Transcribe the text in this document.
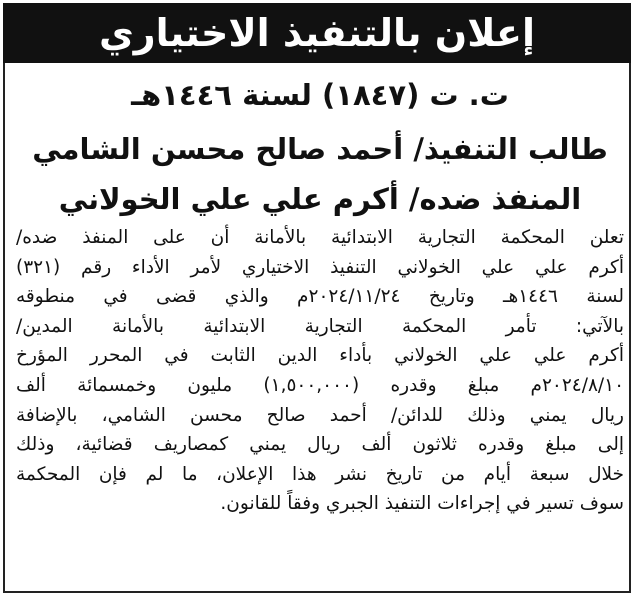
إعلان بالتنفيذ الاختياري
ت. ت (١٨٤٧) لسنة ١٤٤٦هـ
طالب التنفيذ/ أحمد صالح محسن الشامي
المنفذ ضده/ أكرم علي علي الخولاني
تعلن المحكمة التجارية الابتدائية بالأمانة أن على المنفذ ضده/
أكرم علي علي الخولاني التنفيذ الاختياري لأمر الأداء رقم (٣٢١)
لسنة ١٤٤٦هـ وتاريخ ٢٠٢٤/١١/٢٤م والذي قضى في منطوقه
بالآتي: تأمر المحكمة التجارية الابتدائية بالأمانة المدين/
أكرم علي علي الخولاني بأداء الدين الثابت في المحرر المؤرخ
٢٠٢٤/٨/١٠م مبلغ وقدره (١,٥٠٠,٠٠٠) مليون وخمسمائة ألف
ريال يمني وذلك للدائن/ أحمد صالح محسن الشامي، بالإضافة
إلى مبلغ وقدره ثلاثون ألف ريال يمني كمصاريف قضائية، وذلك
خلال سبعة أيام من تاريخ نشر هذا الإعلان، ما لم فإن المحكمة
سوف تسير في إجراءات التنفيذ الجبري وفقاً للقانون.
